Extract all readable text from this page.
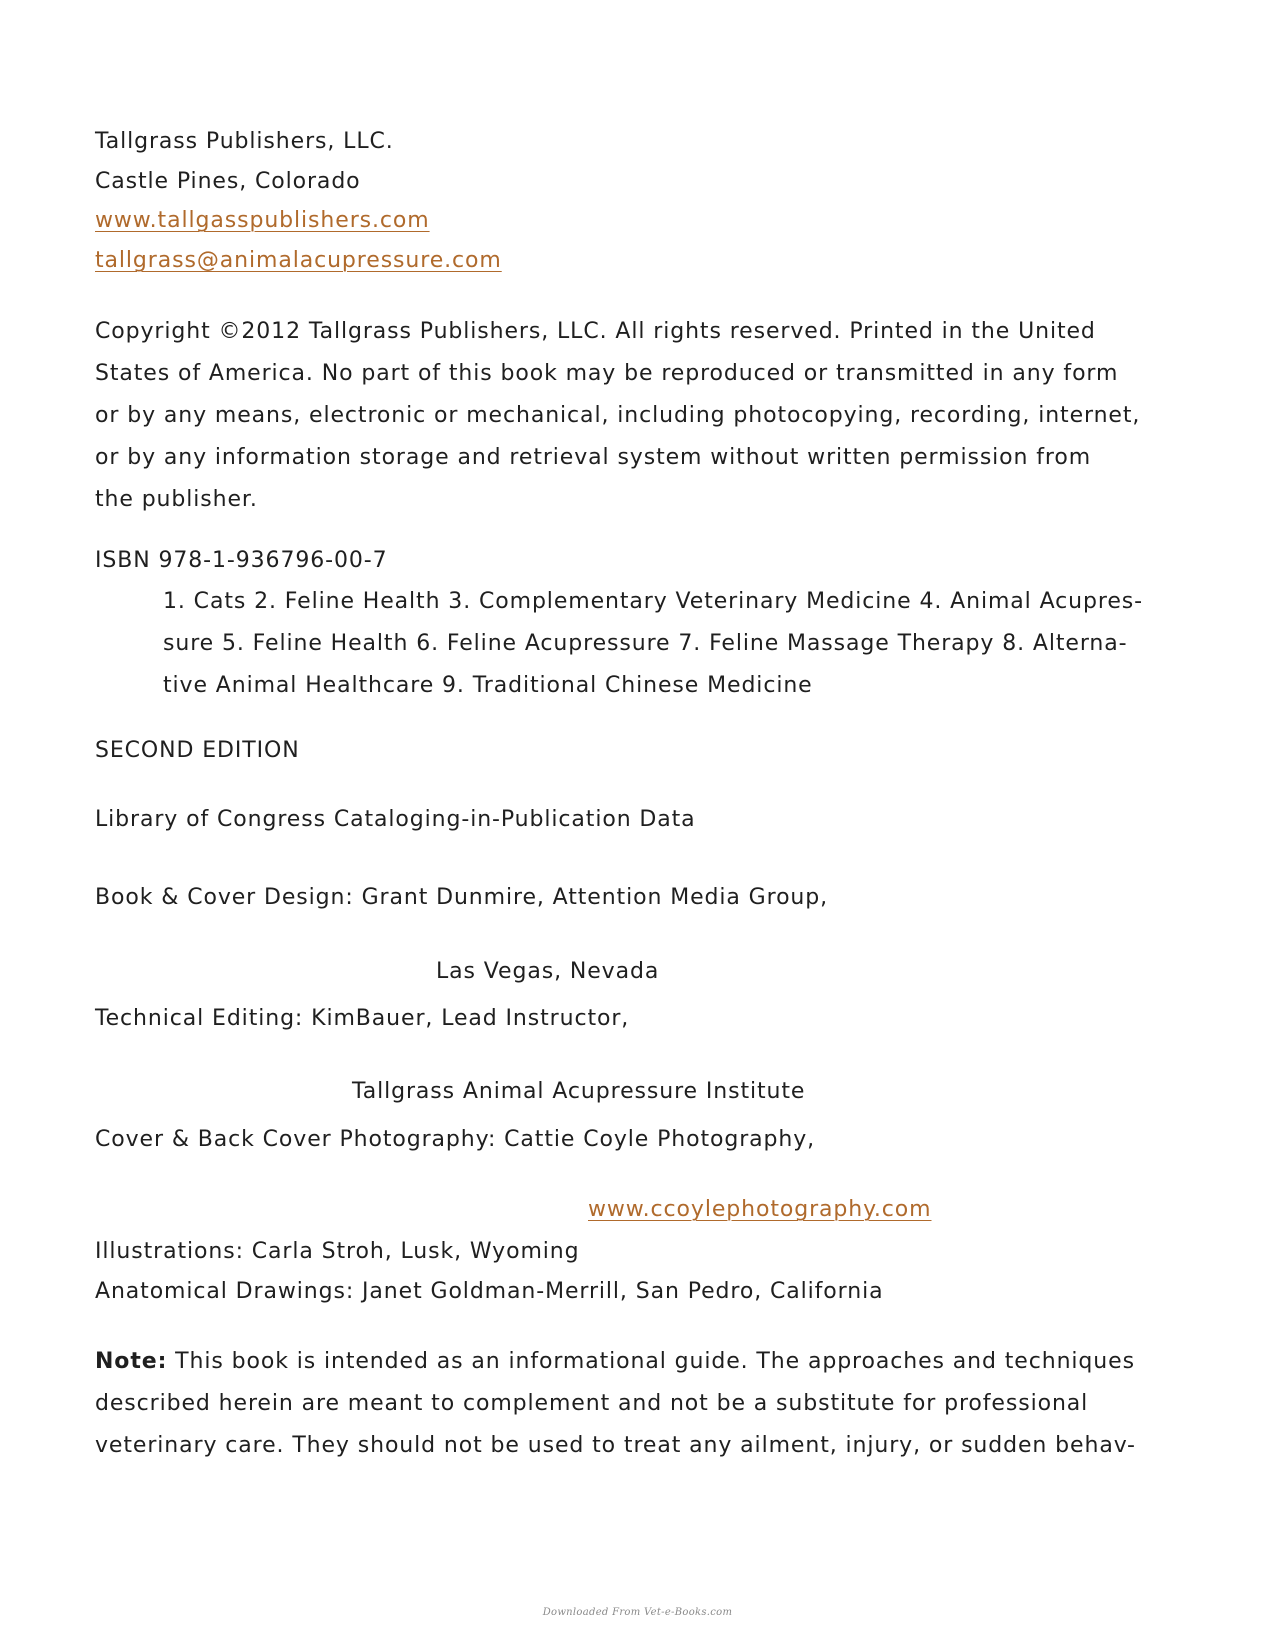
Tallgrass Publishers, LLC.
Castle Pines, Colorado
www.tallgasspublishers.com
tallgrass@animalacupressure.com
Copyright ©2012 Tallgrass Publishers, LLC. All rights reserved. Printed in the United
States of America. No part of this book may be reproduced or transmitted in any form
or by any means, electronic or mechanical, including photocopying, recording, internet,
or by any information storage and retrieval system without written permission from
the publisher.
ISBN 978-1-936796-00-7
1. Cats 2. Feline Health 3. Complementary Veterinary Medicine 4. Animal Acupres-
sure 5. Feline Health 6. Feline Acupressure 7. Feline Massage Therapy 8. Alterna-
tive Animal Healthcare 9. Traditional Chinese Medicine
SECOND EDITION
Library of Congress Cataloging-in-Publication Data
Book & Cover Design: Grant Dunmire, Attention Media Group,
Las Vegas, Nevada
Technical Editing: KimBauer, Lead Instructor,
Tallgrass Animal Acupressure Institute
Cover & Back Cover Photography: Cattie Coyle Photography,
www.ccoylephotography.com
Illustrations: Carla Stroh, Lusk, Wyoming
Anatomical Drawings: Janet Goldman-Merrill, San Pedro, California
Note: This book is intended as an informational guide. The approaches and techniques
described herein are meant to complement and not be a substitute for professional
veterinary care. They should not be used to treat any ailment, injury, or sudden behav-
Downloaded From Vet-e-Books.com
